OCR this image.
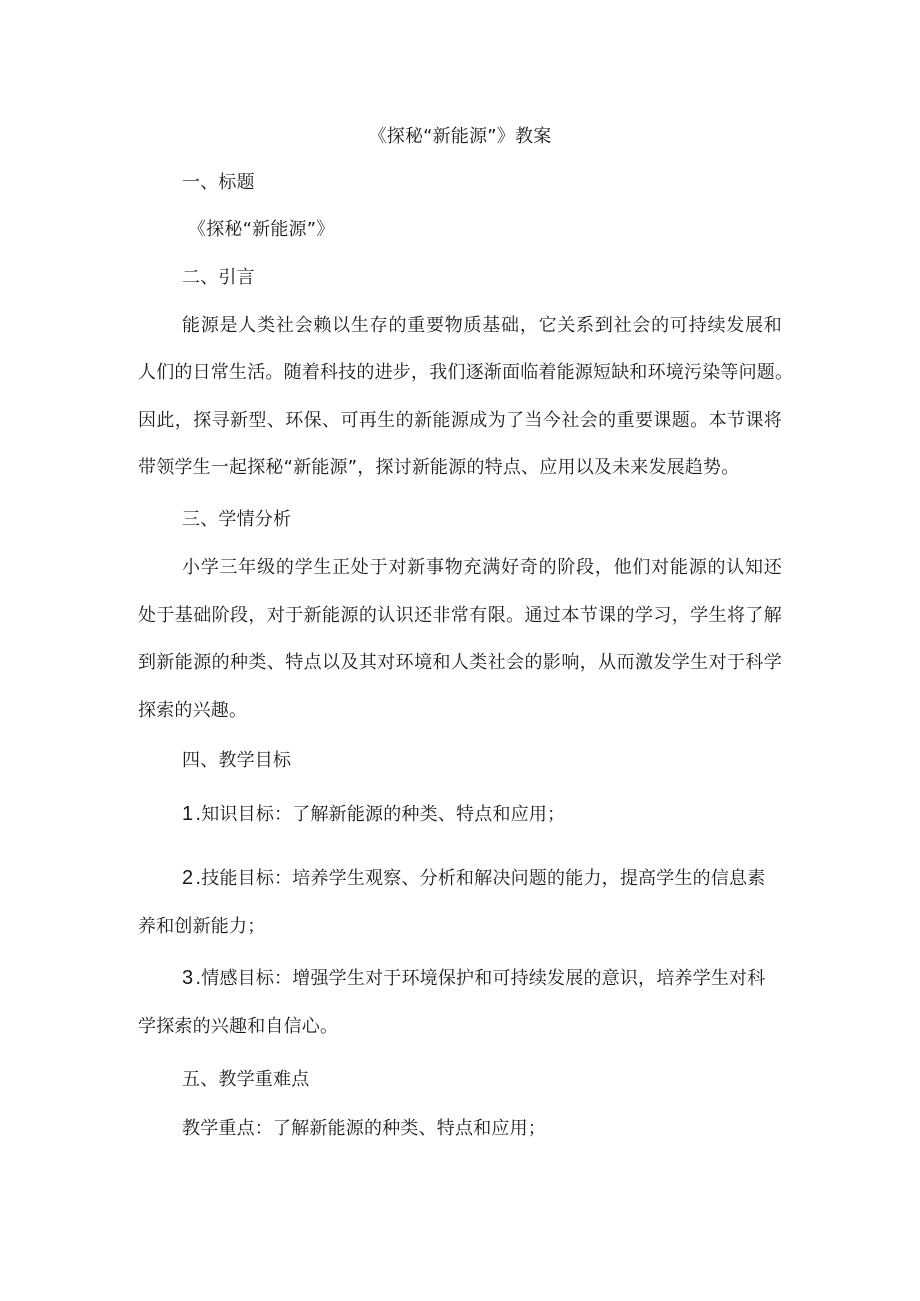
《探秘“新能源”》教案
一、标题
《探秘“新能源”》
二、引言
能源是人类社会赖以生存的重要物质基础，它关系到社会的可持续发展和
人们的日常生活。随着科技的进步，我们逐渐面临着能源短缺和环境污染等问题。
因此，探寻新型、环保、可再生的新能源成为了当今社会的重要课题。本节课将
带领学生一起探秘“新能源”，探讨新能源的特点、应用以及未来发展趋势。
三、学情分析
小学三年级的学生正处于对新事物充满好奇的阶段，他们对能源的认知还
处于基础阶段，对于新能源的认识还非常有限。通过本节课的学习，学生将了解
到新能源的种类、特点以及其对环境和人类社会的影响，从而激发学生对于科学
探索的兴趣。
四、教学目标
1 .知识目标：了解新能源的种类、特点和应用；
2 .技能目标：培养学生观察、分析和解决问题的能力，提高学生的信息素
养和创新能力；
3 .情感目标：增强学生对于环境保护和可持续发展的意识，培养学生对科
学探索的兴趣和自信心。
五、教学重难点
教学重点：了解新能源的种类、特点和应用；
